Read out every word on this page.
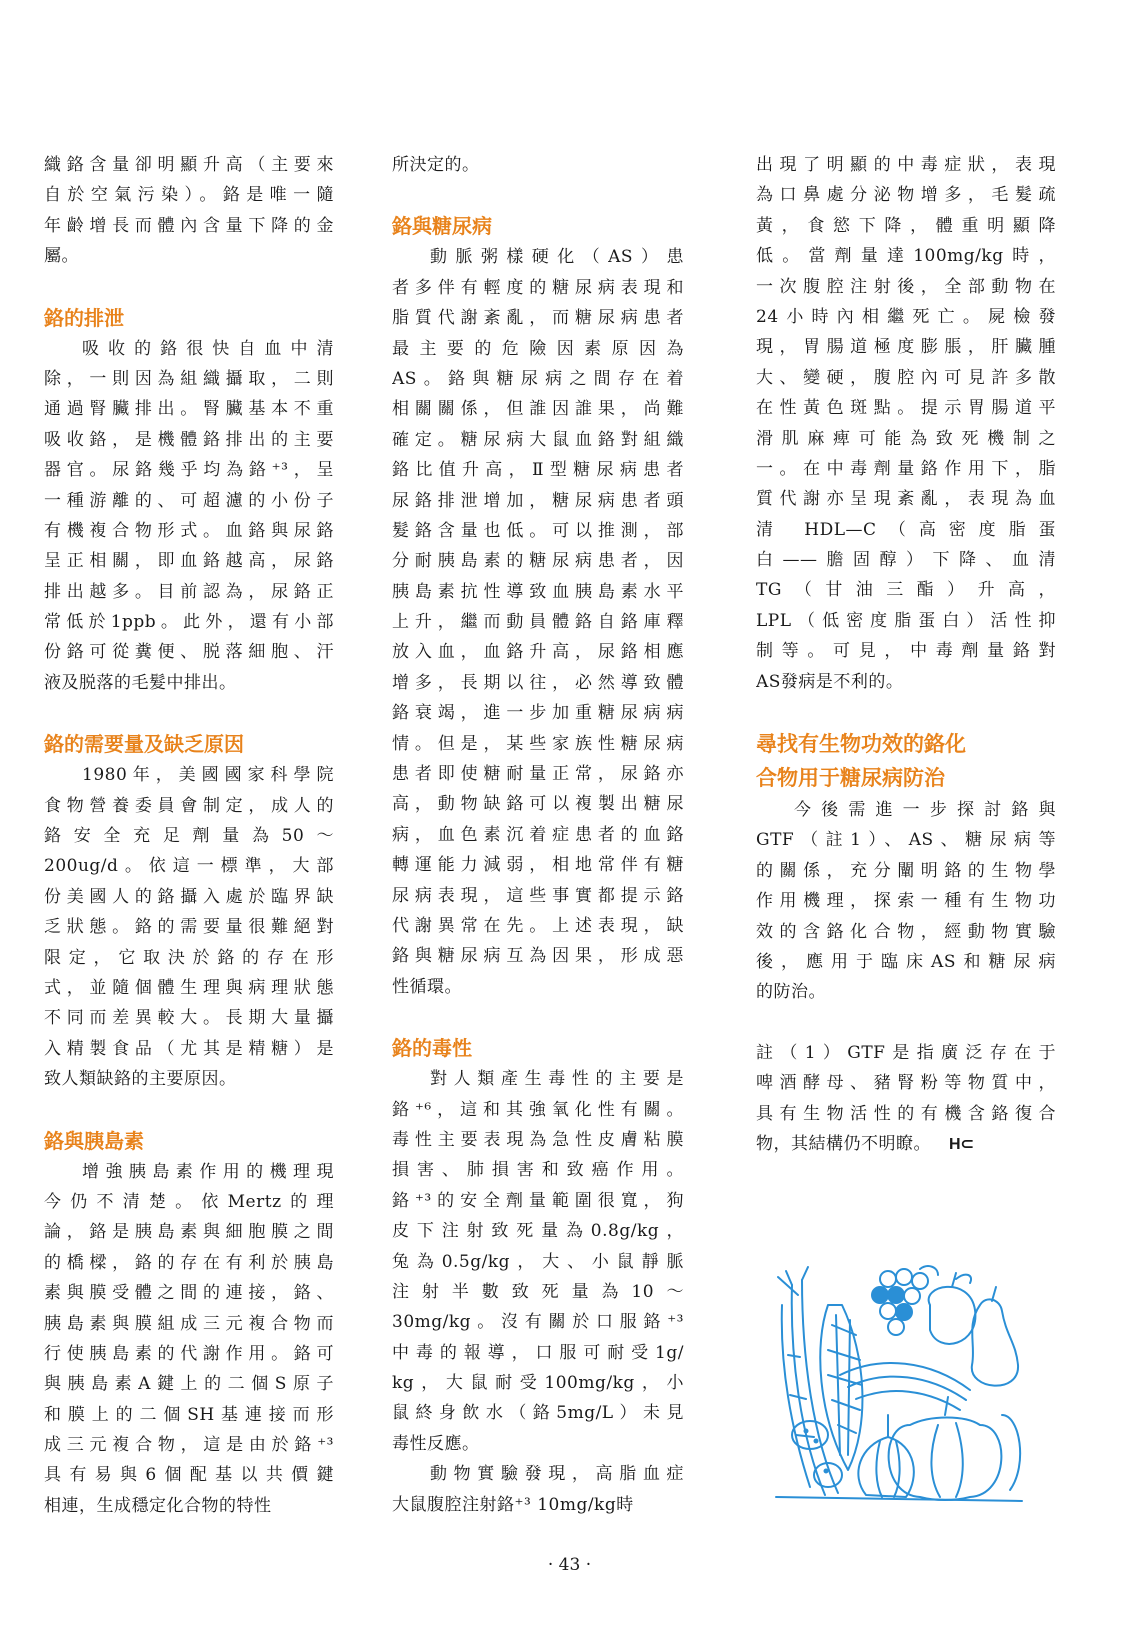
織鉻含量卻明顯升高（主要來
自於空氣污染）。鉻是唯一隨
年齡增長而體內含量下降的金
屬。
鉻的排泄
吸收的鉻很快自血中清
除，一則因為組織攝取，二則
通過腎臟排出。腎臟基本不重
吸收鉻，是機體鉻排出的主要
器官。尿鉻幾乎均為鉻⁺³，呈
一種游離的、可超濾的小份子
有機複合物形式。血鉻與尿鉻
呈正相關，即血鉻越高，尿鉻
排出越多。目前認為，尿鉻正
常低於1ppb。此外，還有小部
份鉻可從糞便、脱落細胞、汗
液及脱落的毛髮中排出。
鉻的需要量及缺乏原因
1980年，美國國家科學院
食物營養委員會制定，成人的
鉻安全充足劑量為50～
200ug/d。依這一標準，大部
份美國人的鉻攝入處於臨界缺
乏狀態。鉻的需要量很難絕對
限定，它取決於鉻的存在形
式，並隨個體生理與病理狀態
不同而差異較大。長期大量攝
入精製食品（尤其是精糖）是
致人類缺鉻的主要原因。
鉻與胰島素
增強胰島素作用的機理現
今仍不清楚。依Mertz的理
論，鉻是胰島素與細胞膜之間
的橋樑，鉻的存在有利於胰島
素與膜受體之間的連接，鉻、
胰島素與膜組成三元複合物而
行使胰島素的代謝作用。鉻可
與胰島素A鍵上的二個S原子
和膜上的二個SH基連接而形
成三元複合物，這是由於鉻⁺³
具有易與6個配基以共價鍵
相連，生成穩定化合物的特性
所決定的。
鉻與糖尿病
動脈粥樣硬化（AS）患
者多伴有輕度的糖尿病表現和
脂質代謝紊亂，而糖尿病患者
最主要的危險因素原因為
AS。鉻與糖尿病之間存在着
相關關係，但誰因誰果，尚難
確定。糖尿病大鼠血鉻對組織
鉻比值升高，Ⅱ型糖尿病患者
尿鉻排泄增加，糖尿病患者頭
髮鉻含量也低。可以推測，部
分耐胰島素的糖尿病患者，因
胰島素抗性導致血胰島素水平
上升，繼而動員體鉻自鉻庫釋
放入血，血鉻升高，尿鉻相應
增多，長期以往，必然導致體
鉻衰竭，進一步加重糖尿病病
情。但是，某些家族性糖尿病
患者即使糖耐量正常，尿鉻亦
高，動物缺鉻可以複製出糖尿
病，血色素沉着症患者的血鉻
轉運能力減弱，相地常伴有糖
尿病表現，這些事實都提示鉻
代謝異常在先。上述表現，缺
鉻與糖尿病互為因果，形成惡
性循環。
鉻的毒性
對人類產生毒性的主要是
鉻⁺⁶，這和其強氧化性有關。
毒性主要表現為急性皮膚粘膜
損害、肺損害和致癌作用。
鉻⁺³的安全劑量範圍很寬，狗
皮下注射致死量為0.8g/kg，
兔為0.5g/kg，大、小鼠靜脈
注射半數致死量為10～
30mg/kg。沒有關於口服鉻⁺³
中毒的報導，口服可耐受1g/
kg，大鼠耐受100mg/kg，小
鼠終身飲水（鉻5mg/L）未見
毒性反應。
動物實驗發現，高脂血症
大鼠腹腔注射鉻⁺³ 10mg/kg時
出現了明顯的中毒症狀，表現
為口鼻處分泌物增多，毛髮疏
黃，食慾下降，體重明顯降
低。當劑量達100mg/kg時，
一次腹腔注射後，全部動物在
24小時內相繼死亡。屍檢發
現，胃腸道極度膨脹，肝臟腫
大、變硬，腹腔內可見許多散
在性黃色斑點。提示胃腸道平
滑肌麻痺可能為致死機制之
一。在中毒劑量鉻作用下，脂
質代謝亦呈現紊亂，表現為血
清 HDL—C（高密度脂蛋
白——膽固醇）下降、血清
TG（甘油三酯）升高，
LPL（低密度脂蛋白）活性抑
制等。可見，中毒劑量鉻對
AS發病是不利的。
尋找有生物功效的鉻化
合物用于糖尿病防治
今後需進一步探討鉻與
GTF（註1）、AS、糖尿病等
的關係，充分闡明鉻的生物學
作用機理，探索一種有生物功
效的含鉻化合物，經動物實驗
後，應用于臨床AS和糖尿病
的防治。
註（1）GTF是指廣泛存在于
啤酒酵母、豬腎粉等物質中，
具有生物活性的有機含鉻復合
物，其結構仍不明瞭。 H⊂
· 43 ·
